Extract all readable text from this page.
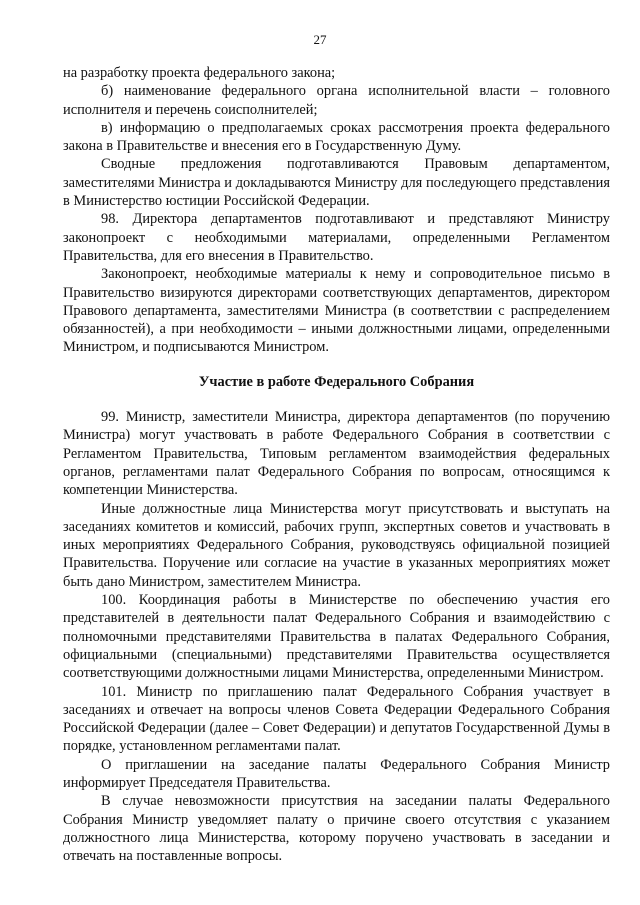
27

на разработку проекта федерального закона;

б) наименование федерального органа исполнительной власти – головного исполнителя и перечень соисполнителей;

в) информацию о предполагаемых сроках рассмотрения проекта федерального закона в Правительстве и внесения его в Государственную Думу.

Сводные предложения подготавливаются Правовым департаментом, заместителями Министра и докладываются Министру для последующего представления в Министерство юстиции Российской Федерации.

98. Директора департаментов подготавливают и представляют Министру законопроект с необходимыми материалами, определенными Регламентом Правительства, для его внесения в Правительство.

Законопроект, необходимые материалы к нему и сопроводительное письмо в Правительство визируются директорами соответствующих департаментов, директором Правового департамента, заместителями Министра (в соответствии с распределением обязанностей), а при необходимости – иными должностными лицами, определенными Министром, и подписываются Министром.

Участие в работе Федерального Собрания

99. Министр, заместители Министра, директора департаментов (по поручению Министра) могут участвовать в работе Федерального Собрания в соответствии с Регламентом Правительства, Типовым регламентом взаимодействия федеральных органов, регламентами палат Федерального Собрания по вопросам, относящимся к компетенции Министерства.

Иные должностные лица Министерства могут присутствовать и выступать на заседаниях комитетов и комиссий, рабочих групп, экспертных советов и участвовать в иных мероприятиях Федерального Собрания, руководствуясь официальной позицией Правительства. Поручение или согласие на участие в указанных мероприятиях может быть дано Министром, заместителем Министра.

100. Координация работы в Министерстве по обеспечению участия его представителей в деятельности палат Федерального Собрания и взаимодействию с полномочными представителями Правительства в палатах Федерального Собрания, официальными (специальными) представителями Правительства осуществляется соответствующими должностными лицами Министерства, определенными Министром.

101. Министр по приглашению палат Федерального Собрания участвует в заседаниях и отвечает на вопросы членов Совета Федерации Федерального Собрания Российской Федерации (далее – Совет Федерации) и депутатов Государственной Думы в порядке, установленном регламентами палат.

О приглашении на заседание палаты Федерального Собрания Министр информирует Председателя Правительства.

В случае невозможности присутствия на заседании палаты Федерального Собрания Министр уведомляет палату о причине своего отсутствия с указанием должностного лица Министерства, которому поручено участвовать в заседании и отвечать на поставленные вопросы.
